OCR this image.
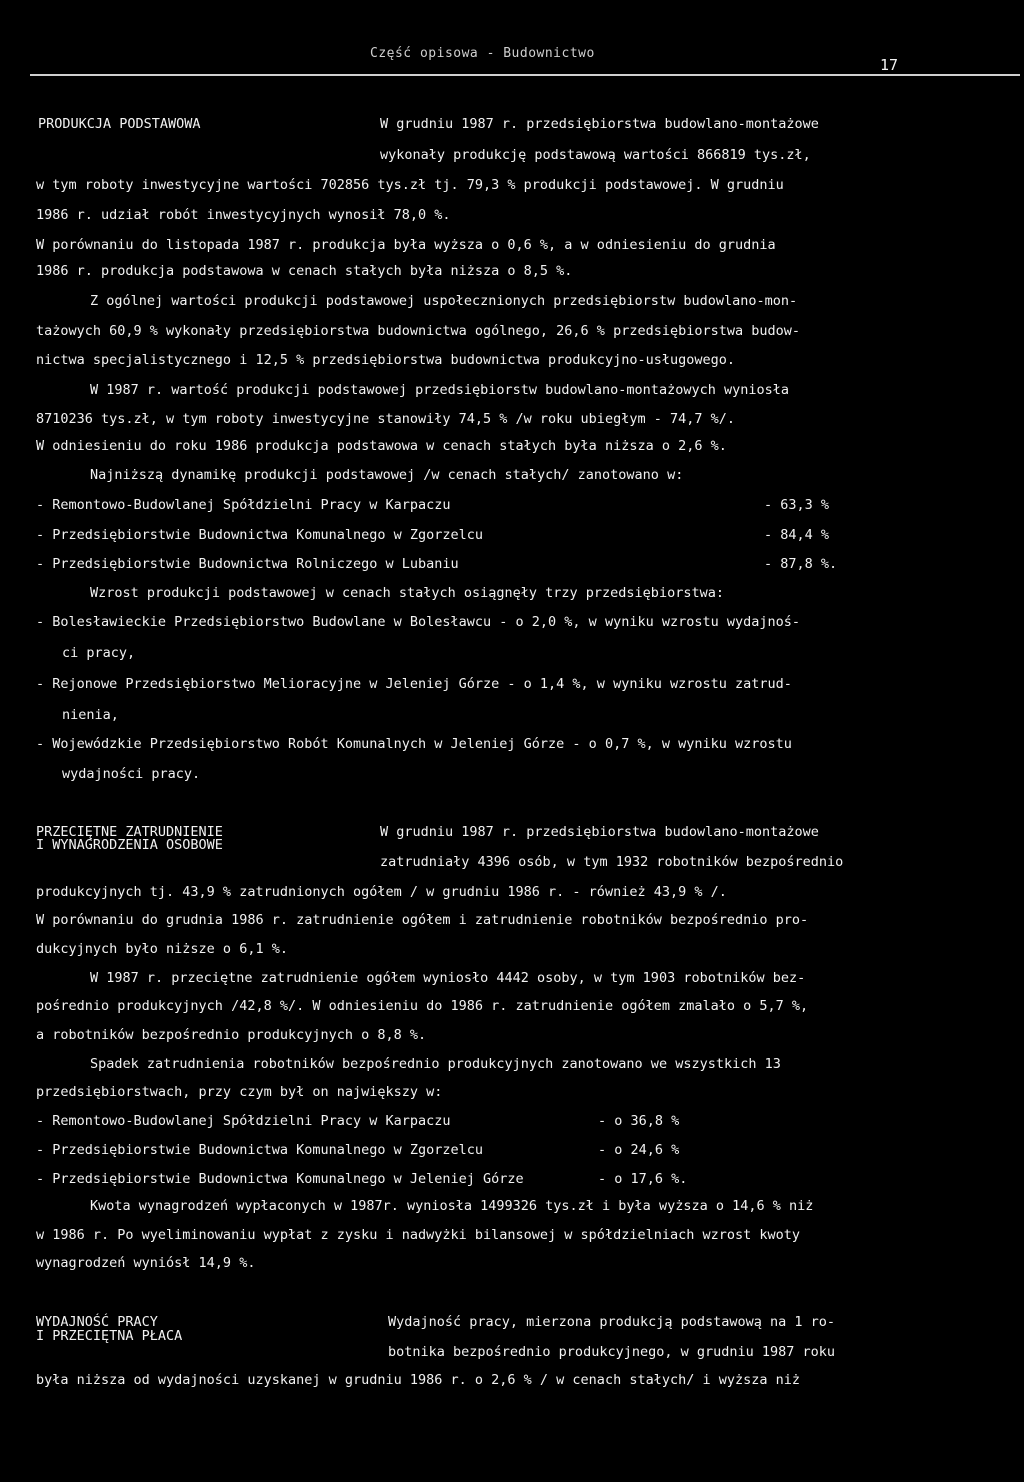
Część opisowa - Budownictwo
17
PRODUKCJA PODSTAWOWA	W grudniu 1987 r. przedsiębiorstwa budowlano-montażowe
wykonały produkcję podstawową wartości 866819 tys.zł,
w tym roboty inwestycyjne wartości 702856 tys.zł tj. 79,3 % produkcji podstawowej. W grudniu
1986 r. udział robót inwestycyjnych wynosił 78,0 %.
W porównaniu do listopada 1987 r. produkcja była wyższa o 0,6 %, a w odniesieniu do grudnia
1986 r. produkcja podstawowa w cenach stałych była niższa o 8,5 %.
Z ogólnej wartości produkcji podstawowej uspołecznionych przedsiębiorstw budowlano-mon-
tażowych 60,9 % wykonały przedsiębiorstwa budownictwa ogólnego, 26,6 % przedsiębiorstwa budow-
nictwa specjalistycznego i 12,5 % przedsiębiorstwa budownictwa produkcyjno-usługowego.
W 1987 r. wartość produkcji podstawowej przedsiębiorstw budowlano-montażowych wyniosła
8710236 tys.zł, w tym roboty inwestycyjne stanowiły 74,5 % /w roku ubiegłym - 74,7 %/.
W odniesieniu do roku 1986 produkcja podstawowa w cenach stałych była niższa o 2,6 %.
Najniższą dynamikę produkcji podstawowej /w cenach stałych/ zanotowano w:
- Remontowo-Budowlanej Spółdzielni Pracy w Karpaczu	- 63,3 %
- Przedsiębiorstwie Budownictwa Komunalnego w Zgorzelcu	- 84,4 %
- Przedsiębiorstwie Budownictwa Rolniczego w Lubaniu	- 87,8 %.
Wzrost produkcji podstawowej w cenach stałych osiągnęły trzy przedsiębiorstwa:
- Bolesławieckie Przedsiębiorstwo Budowlane w Bolesławcu - o 2,0 %, w wyniku wzrostu wydajnoś-
ci pracy,
- Rejonowe Przedsiębiorstwo Melioracyjne w Jeleniej Górze - o 1,4 %, w wyniku wzrostu zatrud-
nienia,
- Wojewódzkie Przedsiębiorstwo Robót Komunalnych w Jeleniej Górze - o 0,7 %, w wyniku wzrostu
wydajności pracy.
PRZECIĘTNE ZATRUDNIENIE
I WYNAGRODZENIA OSOBOWE
W grudniu 1987 r. przedsiębiorstwa budowlano-montażowe
zatrudniały 4396 osób, w tym 1932 robotników bezpośrednio
produkcyjnych tj. 43,9 % zatrudnionych ogółem / w grudniu 1986 r. - również 43,9 % /.
W porównaniu do grudnia 1986 r. zatrudnienie ogółem i zatrudnienie robotników bezpośrednio pro-
dukcyjnych było niższe o 6,1 %.
W 1987 r. przeciętne zatrudnienie ogółem wyniosło 4442 osoby, w tym 1903 robotników bez-
pośrednio produkcyjnych /42,8 %/. W odniesieniu do 1986 r. zatrudnienie ogółem zmalało o 5,7 %,
a robotników bezpośrednio produkcyjnych o 8,8 %.
Spadek zatrudnienia robotników bezpośrednio produkcyjnych zanotowano we wszystkich 13
przedsiębiorstwach, przy czym był on największy w:
- Remontowo-Budowlanej Spółdzielni Pracy w Karpaczu	- o 36,8 %
- Przedsiębiorstwie Budownictwa Komunalnego w Zgorzelcu	- o 24,6 %
- Przedsiębiorstwie Budownictwa Komunalnego w Jeleniej Górze	- o 17,6 %.
Kwota wynagrodzeń wypłaconych w 1987r. wyniosła 1499326 tys.zł i była wyższa o 14,6 % niż
w 1986 r. Po wyeliminowaniu wypłat z zysku i nadwyżki bilansowej w spółdzielniach wzrost kwoty
wynagrodzeń wyniósł 14,9 %.
WYDAJNOŚĆ PRACY
I PRZECIĘTNA PŁACA
Wydajność pracy, mierzona produkcją podstawową na 1 ro-
botnika bezpośrednio produkcyjnego, w grudniu 1987 roku
była niższa od wydajności uzyskanej w grudniu 1986 r. o 2,6 % / w cenach stałych/ i wyższa niż
